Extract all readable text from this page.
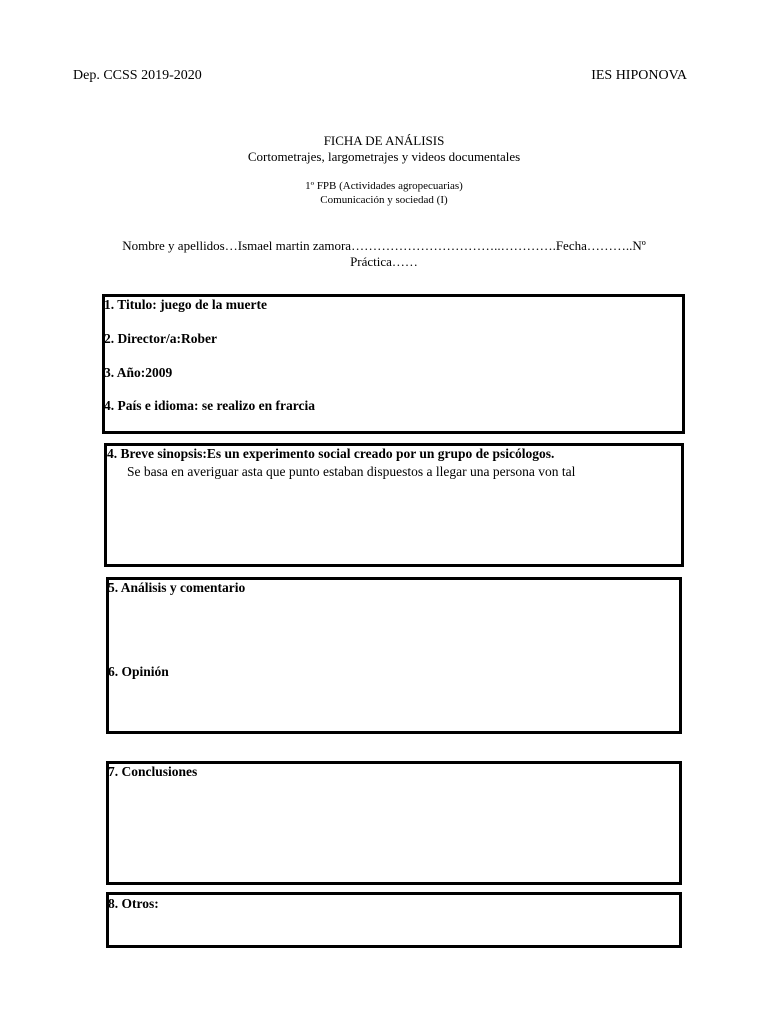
Dep. CCSS 2019-2020	IES HIPONOVA
FICHA DE ANÁLISIS
Cortometrajes, largometrajes y videos documentales
1º FPB (Actividades agropecuarias)
Comunicación y sociedad (I)
Nombre y apellidos…Ismael martin zamora……………………………..………….Fecha………..Nº
Práctica……
1. Titulo: juego de la muerte
2. Director/a:Rober
3. Año:2009
4. País e idioma: se realizo en frarcia
4. Breve sinopsis:Es un experimento social creado por un grupo de psicólogos.
Se basa en averiguar asta que punto estaban dispuestos a llegar una persona von tal
5. Análisis y comentario
6. Opinión
7. Conclusiones
8. Otros:
